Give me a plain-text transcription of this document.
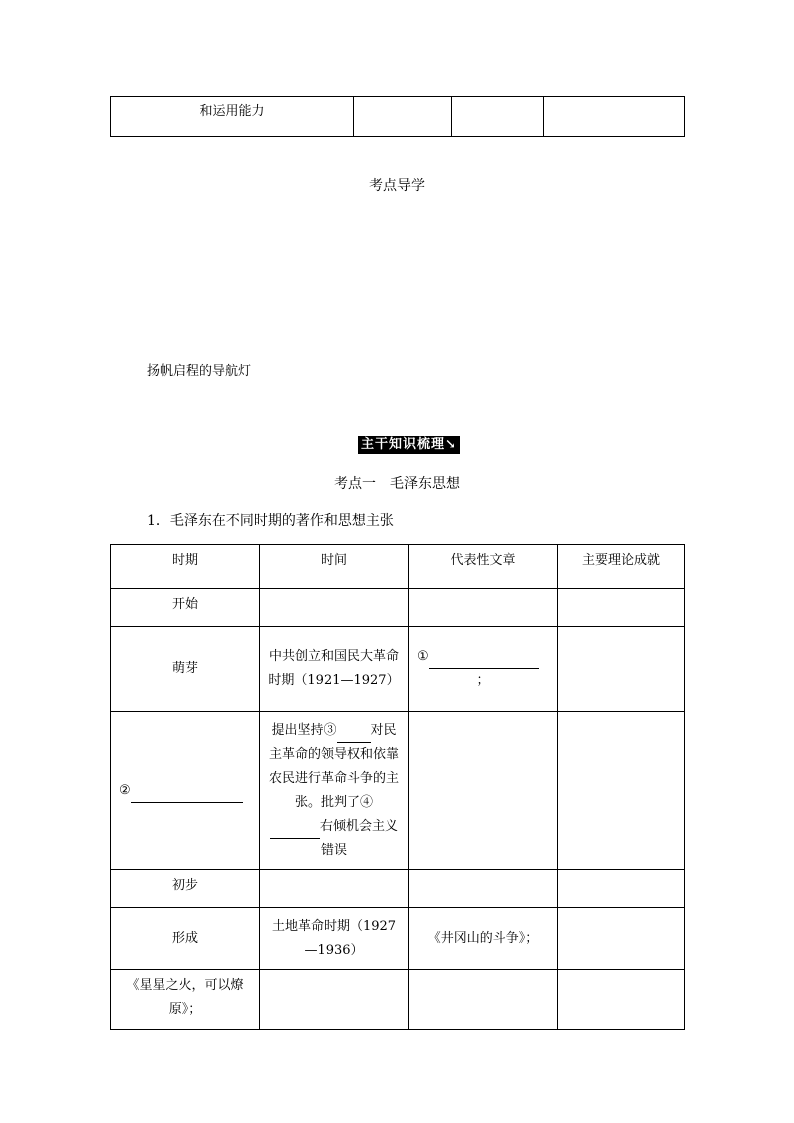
和运用能力			
考点导学
扬帆启程的导航灯
主干知识梳理↘
考点一　毛泽东思想
1．毛泽东在不同时期的著作和思想主张
时期	时间	代表性文章	主要理论成就
开始			
萌芽	中共创立和国民大革命时期（1921—1927）	①

；	

②	提出坚持③ 对民主革命的领导权和依靠农民进行革命斗争的主张。批判了④
右倾机会主义错误		
初步			
形成	土地革命时期（1927—1936）	《井冈山的斗争》；	
《星星之火，可以燎原》；			
